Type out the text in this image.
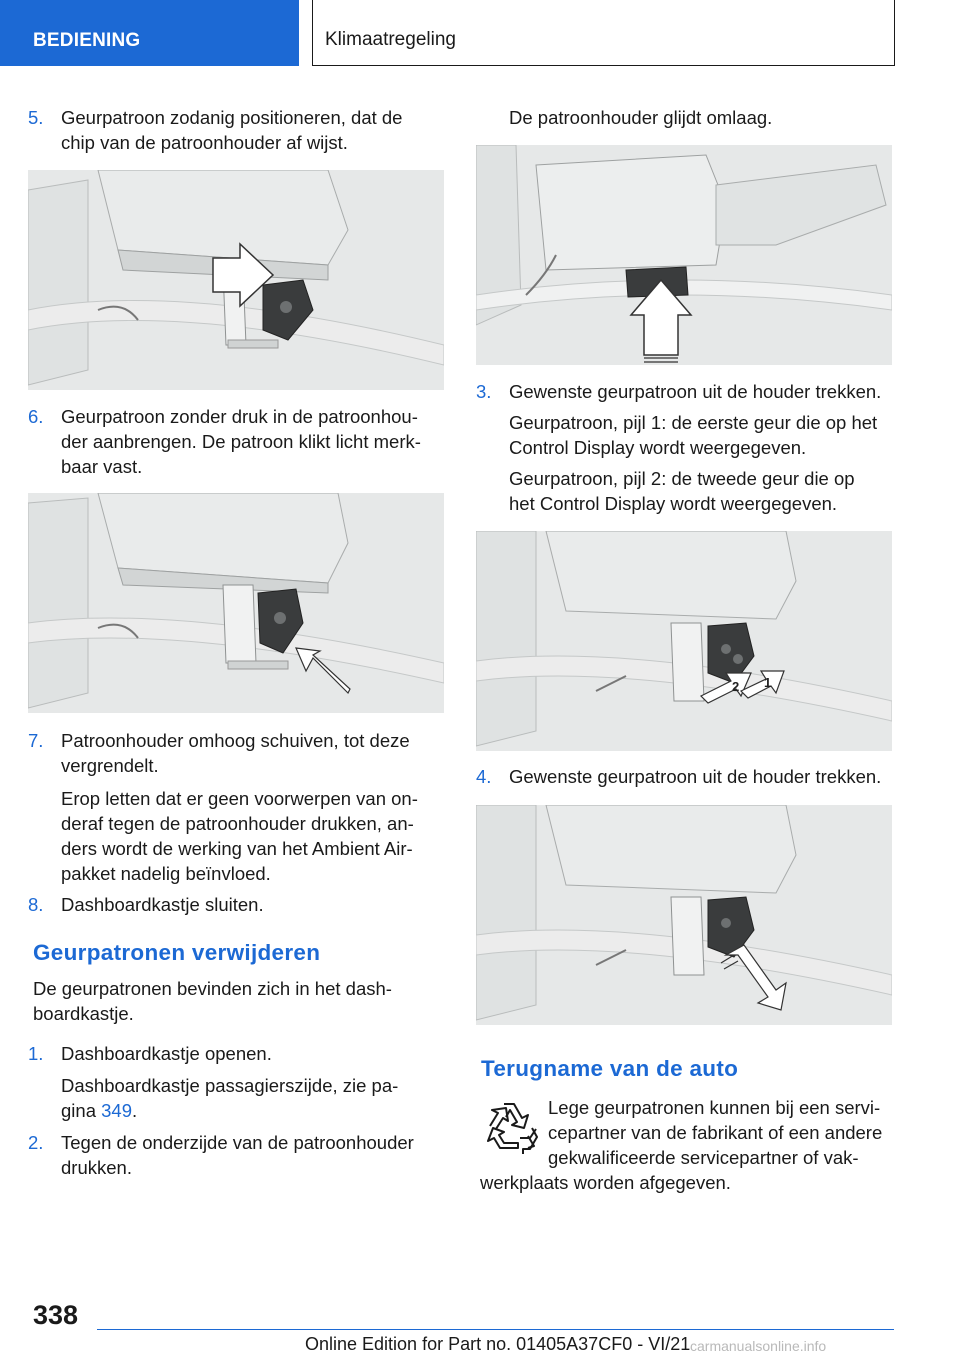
BEDIENING	Klimaatregeling
5. Geurpatroon zodanig positioneren, dat de
chip van de patroonhouder af wijst.
6. Geurpatroon zonder druk in de patroonhou-
der aanbrengen. De patroon klikt licht merk-
baar vast.
7. Patroonhouder omhoog schuiven, tot deze
vergrendelt.
Erop letten dat er geen voorwerpen van on-
deraf tegen de patroonhouder drukken, an-
ders wordt de werking van het Ambient Air-
pakket nadelig beïnvloed.
8. Dashboardkastje sluiten.
Geurpatronen verwijderen
De geurpatronen bevinden zich in het dash-
boardkastje.
1. Dashboardkastje openen.
Dashboardkastje passagierszijde, zie pa-
gina 349.
2. Tegen de onderzijde van de patroonhouder
drukken.
De patroonhouder glijdt omlaag.
3. Gewenste geurpatroon uit de houder trekken.
Geurpatroon, pijl 1: de eerste geur die op het
Control Display wordt weergegeven.
Geurpatroon, pijl 2: de tweede geur die op
het Control Display wordt weergegeven.
2 1
4. Gewenste geurpatroon uit de houder trekken.
Terugname van de auto
Lege geurpatronen kunnen bij een servi-
cepartner van de fabrikant of een andere
gekwalificeerde servicepartner of vak-
werkplaats worden afgegeven.
338
Online Edition for Part no. 01405A37CF0 - VI/21 carmanualsonline.info
